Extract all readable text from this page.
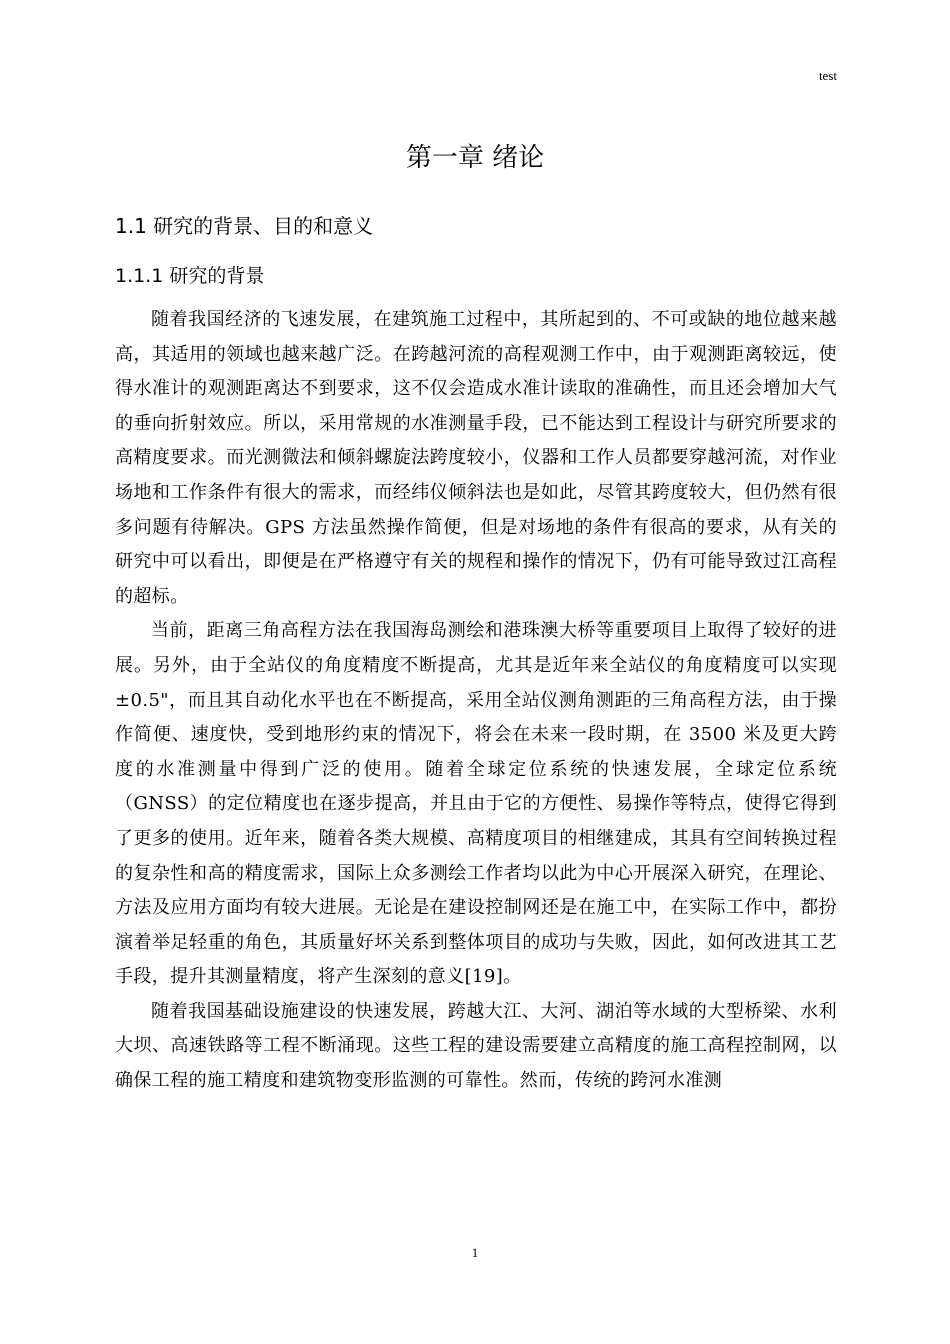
test
第一章 绪论
1.1 研究的背景、目的和意义
1.1.1 研究的背景

随着我国经济的飞速发展，在建筑施工过程中，其所起到的、不可或缺的地位越来越高，其适用的领域也越来越广泛。在跨越河流的高程观测工作中，由于观测距离较远，使得水准计的观测距离达不到要求，这不仅会造成水准计读取的准确性，而且还会增加大气的垂向折射效应。所以，采用常规的水准测量手段，已不能达到工程设计与研究所要求的高精度要求。而光测微法和倾斜螺旋法跨度较小，仪器和工作人员都要穿越河流，对作业场地和工作条件有很大的需求，而经纬仪倾斜法也是如此，尽管其跨度较大，但仍然有很多问题有待解决。GPS 方法虽然操作简便，但是对场地的条件有很高的要求，从有关的研究中可以看出，即便是在严格遵守有关的规程和操作的情况下，仍有可能导致过江高程的超标。

当前，距离三角高程方法在我国海岛测绘和港珠澳大桥等重要项目上取得了较好的进展。另外，由于全站仪的角度精度不断提高，尤其是近年来全站仪的角度精度可以实现±0.5"，而且其自动化水平也在不断提高，采用全站仪测角测距的三角高程方法，由于操作简便、速度快，受到地形约束的情况下，将会在未来一段时期，在 3500 米及更大跨度的水准测量中得到广泛的使用。随着全球定位系统的快速发展，全球定位系统（GNSS）的定位精度也在逐步提高，并且由于它的方便性、易操作等特点，使得它得到了更多的使用。近年来，随着各类大规模、高精度项目的相继建成，其具有空间转换过程的复杂性和高的精度需求，国际上众多测绘工作者均以此为中心开展深入研究，在理论、方法及应用方面均有较大进展。无论是在建设控制网还是在施工中，在实际工作中，都扮演着举足轻重的角色，其质量好坏关系到整体项目的成功与失败，因此，如何改进其工艺手段，提升其测量精度，将产生深刻的意义[19]。

随着我国基础设施建设的快速发展，跨越大江、大河、湖泊等水域的大型桥梁、水利大坝、高速铁路等工程不断涌现。这些工程的建设需要建立高精度的施工高程控制网，以确保工程的施工精度和建筑物变形监测的可靠性。然而，传统的跨河水准测

1
